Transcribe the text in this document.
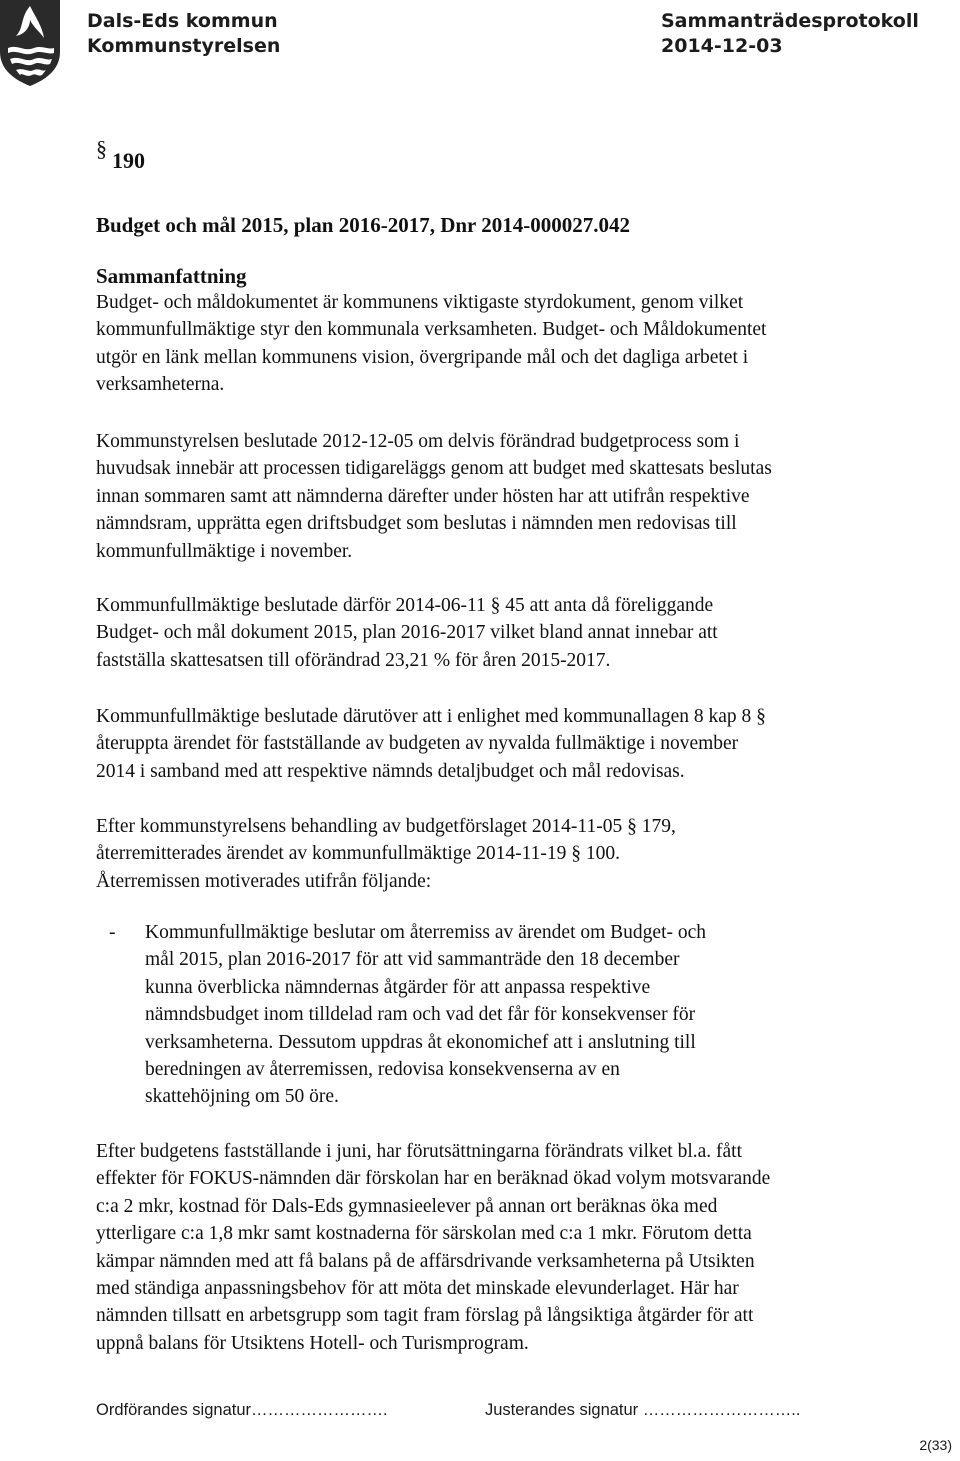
Dals-Eds kommun
Kommunstyrelsen
Sammanträdesprotokoll
2014-12-03
§ 190
Budget och mål 2015, plan 2016-2017, Dnr 2014-000027.042
Sammanfattning
Budget- och måldokumentet är kommunens viktigaste styrdokument, genom vilket
kommunfullmäktige styr den kommunala verksamheten. Budget- och Måldokumentet
utgör en länk mellan kommunens vision, övergripande mål och det dagliga arbetet i
verksamheterna.
Kommunstyrelsen beslutade 2012-12-05 om delvis förändrad budgetprocess som i
huvudsak innebär att processen tidigareläggs genom att budget med skattesats beslutas
innan sommaren samt att nämnderna därefter under hösten har att utifrån respektive
nämndsram, upprätta egen driftsbudget som beslutas i nämnden men redovisas till
kommunfullmäktige i november.
Kommunfullmäktige beslutade därför 2014-06-11 § 45 att anta då föreliggande
Budget- och mål dokument 2015, plan 2016-2017 vilket bland annat innebar att
fastställa skattesatsen till oförändrad 23,21 % för åren 2015-2017.
Kommunfullmäktige beslutade därutöver att i enlighet med kommunallagen 8 kap 8 §
återuppta ärendet för fastställande av budgeten av nyvalda fullmäktige i november
2014 i samband med att respektive nämnds detaljbudget och mål redovisas.
Efter kommunstyrelsens behandling av budgetförslaget 2014-11-05 § 179,
återremitterades ärendet av kommunfullmäktige 2014-11-19 § 100.
Återremissen motiverades utifrån följande:
- Kommunfullmäktige beslutar om återremiss av ärendet om Budget- och
mål 2015, plan 2016-2017 för att vid sammanträde den 18 december
kunna överblicka nämndernas åtgärder för att anpassa respektive
nämndsbudget inom tilldelad ram och vad det får för konsekvenser för
verksamheterna. Dessutom uppdras åt ekonomichef att i anslutning till
beredningen av återremissen, redovisa konsekvenserna av en
skattehöjning om 50 öre.
Efter budgetens fastställande i juni, har förutsättningarna förändrats vilket bl.a. fått
effekter för FOKUS-nämnden där förskolan har en beräknad ökad volym motsvarande
c:a 2 mkr, kostnad för Dals-Eds gymnasieelever på annan ort beräknas öka med
ytterligare c:a 1,8 mkr samt kostnaderna för särskolan med c:a 1 mkr. Förutom detta
kämpar nämnden med att få balans på de affärsdrivande verksamheterna på Utsikten
med ständiga anpassningsbehov för att möta det minskade elevunderlaget. Här har
nämnden tillsatt en arbetsgrupp som tagit fram förslag på långsiktiga åtgärder för att
uppnå balans för Utsiktens Hotell- och Turismprogram.
Ordförandes signatur…………………….	Justerandes signatur ………………………..
2(33)
